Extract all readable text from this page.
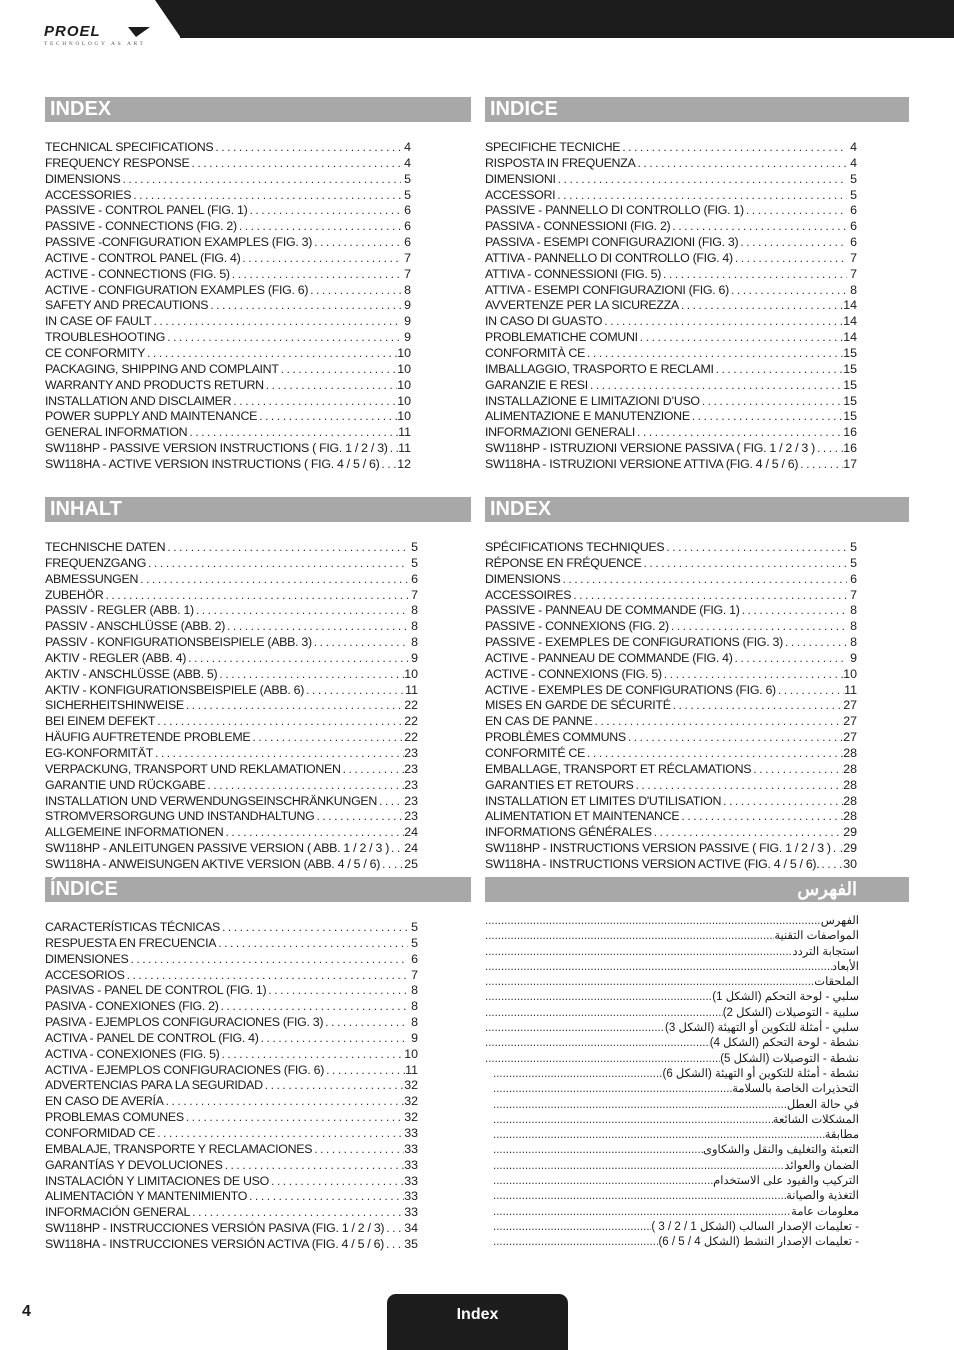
PROEL
TECHNOLOGY AS ART
INDEX
TECHNICAL SPECIFICATIONS . . .	4
FREQUENCY RESPONSE . . .	4
DIMENSIONS . . .	5
ACCESSORIES . . .	5
PASSIVE - CONTROL PANEL (FIG. 1) . . .	6
PASSIVE - CONNECTIONS (FIG. 2) . . .	6
PASSIVE -CONFIGURATION EXAMPLES (FIG. 3) . . .	6
ACTIVE - CONTROL PANEL (FIG. 4) . . .	7
ACTIVE - CONNECTIONS (FIG. 5) . . .	7
ACTIVE - CONFIGURATION EXAMPLES (FIG. 6) . . .	8
SAFETY AND PRECAUTIONS . . .	9
IN CASE OF FAULT . . .	9
TROUBLESHOOTING . . .	9
CE CONFORMITY . . .	10
PACKAGING, SHIPPING AND COMPLAINT . . .	10
WARRANTY AND PRODUCTS RETURN . . .	10
INSTALLATION AND DISCLAIMER . . .	10
POWER SUPPLY AND MAINTENANCE . . .	10
GENERAL INFORMATION . . .	11
SW118HP - PASSIVE VERSION INSTRUCTIONS ( FIG. 1 / 2 / 3) . . . 11
SW118HA - ACTIVE VERSION INSTRUCTIONS ( FIG. 4 / 5 / 6) . . . 12
INDICE
SPECIFICHE TECNICHE . . .	4
RISPOSTA IN FREQUENZA . . .	4
DIMENSIONI . . .	5
ACCESSORI . . .	5
PASSIVE - PANNELLO DI CONTROLLO (FIG. 1) . . .	6
PASSIVA - CONNESSIONI (FIG. 2) . . .	6
PASSIVA - ESEMPI CONFIGURAZIONI (FIG. 3) . . .	6
ATTIVA - PANNELLO DI CONTROLLO (FIG. 4) . . .	7
ATTIVA - CONNESSIONI (FIG. 5) . . .	7
ATTIVA - ESEMPI CONFIGURAZIONI (FIG. 6) . . .	8
AVVERTENZE PER LA SICUREZZA . . .	14
IN CASO DI GUASTO . . .	14
PROBLEMATICHE COMUNI . . .	14
CONFORMITÀ CE . . .	15
IMBALLAGGIO, TRASPORTO E RECLAMI . . .	15
GARANZIE E RESI . . .	15
INSTALLAZIONE E LIMITAZIONI D’USO . . .	15
ALIMENTAZIONE E MANUTENZIONE . . .	15
INFORMAZIONI GENERALI . . .	16
SW118HP - ISTRUZIONI VERSIONE PASSIVA ( FIG. 1 / 2 / 3 ) . . . 16
SW118HA - ISTRUZIONI VERSIONE ATTIVA (FIG. 4 / 5 / 6) . . .	17
INHALT
TECHNISCHE DATEN . . .	5
FREQUENZGANG . . .	5
ABMESSUNGEN . . .	6
ZUBEHÖR . . .	7
PASSIV - REGLER (ABB. 1) . . .	8
PASSIV - ANSCHLÜSSE (ABB. 2) . . .	8
PASSIV - KONFIGURATIONSBEISPIELE (ABB. 3) . . .	8
AKTIV - REGLER (ABB. 4) . . .	9
AKTIV - ANSCHLÜSSE (ABB. 5) . . .	10
AKTIV - KONFIGURATIONSBEISPIELE (ABB. 6) . . .	11
SICHERHEITSHINWEISE . . .	22
BEI EINEM DEFEKT . . .	22
HÄUFIG AUFTRETENDE PROBLEME . . .	22
EG-KONFORMITÄT . . .	23
VERPACKUNG, TRANSPORT UND REKLAMATIONEN . . .	23
GARANTIE UND RÜCKGABE . . .	23
INSTALLATION UND VERWENDUNGSEINSCHRÄNKUNGEN . . . 23
STROMVERSORGUNG UND INSTANDHALTUNG . . .	23
ALLGEMEINE INFORMATIONEN . . .	24
SW118HP - ANLEITUNGEN PASSIVE VERSION ( ABB. 1 / 2 / 3 ) . . . 24
SW118HA - ANWEISUNGEN AKTIVE VERSION (ABB. 4 / 5 / 6) . . . 25
INDEX
SPÉCIFICATIONS TECHNIQUES . . .	5
RÉPONSE EN FRÉQUENCE . . .	5
DIMENSIONS . . .	6
ACCESSOIRES . . .	7
PASSIVE - PANNEAU DE COMMANDE (FIG. 1) . . .	8
PASSIVE - CONNEXIONS (FIG. 2) . . .	8
PASSIVE - EXEMPLES DE CONFIGURATIONS (FIG. 3) . . .	8
ACTIVE - PANNEAU DE COMMANDE (FIG. 4) . . .	9
ACTIVE - CONNEXIONS (FIG. 5) . . .	10
ACTIVE - EXEMPLES DE CONFIGURATIONS (FIG. 6) . . .	11
MISES EN GARDE DE SÉCURITÉ . . .	27
EN CAS DE PANNE . . .	27
PROBLÈMES COMMUNS . . .	27
CONFORMITÉ CE . . .	28
EMBALLAGE, TRANSPORT ET RÉCLAMATIONS . . .	28
GARANTIES ET RETOURS . . .	28
INSTALLATION ET LIMITES D'UTILISATION . . .	28
ALIMENTATION ET MAINTENANCE . . .	28
INFORMATIONS GÉNÉRALES . . .	29
SW118HP - INSTRUCTIONS VERSION PASSIVE ( FIG. 1 / 2 / 3 ) . . . .29
SW118HA - INSTRUCTIONS VERSION ACTIVE (FIG. 4 / 5 / 6). . . . 30
ÍNDICE
CARACTERÍSTICAS TÉCNICAS . . .	5
RESPUESTA EN FRECUENCIA . . .	5
DIMENSIONES . . .	6
ACCESORIOS . . .	7
PASIVAS - PANEL DE CONTROL (FIG. 1) . . .	8
PASIVA - CONEXIONES (FIG. 2) . . .	8
PASIVA - EJEMPLOS CONFIGURACIONES (FIG. 3) . . .	8
ACTIVA - PANEL DE CONTROL (FIG. 4) . . .	9
ACTIVA - CONEXIONES (FIG. 5) . . .	10
ACTIVA - EJEMPLOS CONFIGURACIONES (FIG. 6) . . .	11
ADVERTENCIAS PARA LA SEGURIDAD . . .	32
EN CASO DE AVERÍA . . .	32
PROBLEMAS COMUNES . . .	32
CONFORMIDAD CE . . .	33
EMBALAJE, TRANSPORTE Y RECLAMACIONES . . .	33
GARANTÍAS Y DEVOLUCIONES . . .	33
INSTALACIÓN Y LIMITACIONES DE USO . . .	33
ALIMENTACIÓN Y MANTENIMIENTO . . .	33
INFORMACIÓN GENERAL . . .	33
SW118HP - INSTRUCCIONES VERSIÓN PASIVA (FIG. 1 / 2 / 3) . . . 34
SW118HA - INSTRUCCIONES VERSIÓN ACTIVA (FIG. 4 / 5 / 6) . . . 35
الفهرس
الفهرس
.....
المواصفات التقنية
.....
استجابة التردد
.....
الأبعاد
.....
الملحقات
.....
سلبي - لوحة التحكم (الشكل 1)
.....
سلبية - التوصيلات (الشكل 2)
.....
سلبي - أمثلة للتكوين أو التهيئة (الشكل 3)
.....
نشطة - لوحة التحكم (الشكل 4)
.....
نشطة - التوصيلات (الشكل 5)
.....
نشطة - أمثلة للتكوين أو التهيئة (الشكل 6)
.....
التحذيرات الخاصة بالسلامة
.....
في حالة العطل
.....
المشكلات الشائعة
.....
مطابقة
.....
التعبئة والتغليف والنقل والشكاوى
.....
الضمان والعوائد
.....
التركيب والقيود على الاستخدام
.....
التغذية والصيانة
.....
معلومات عامة
.....
- تعليمات الإصدار السالب (الشكل 1 / 2 / 3 )
.....
- تعليمات الإصدار النشط (الشكل 4 / 5 / 6)
.....
4	Index
